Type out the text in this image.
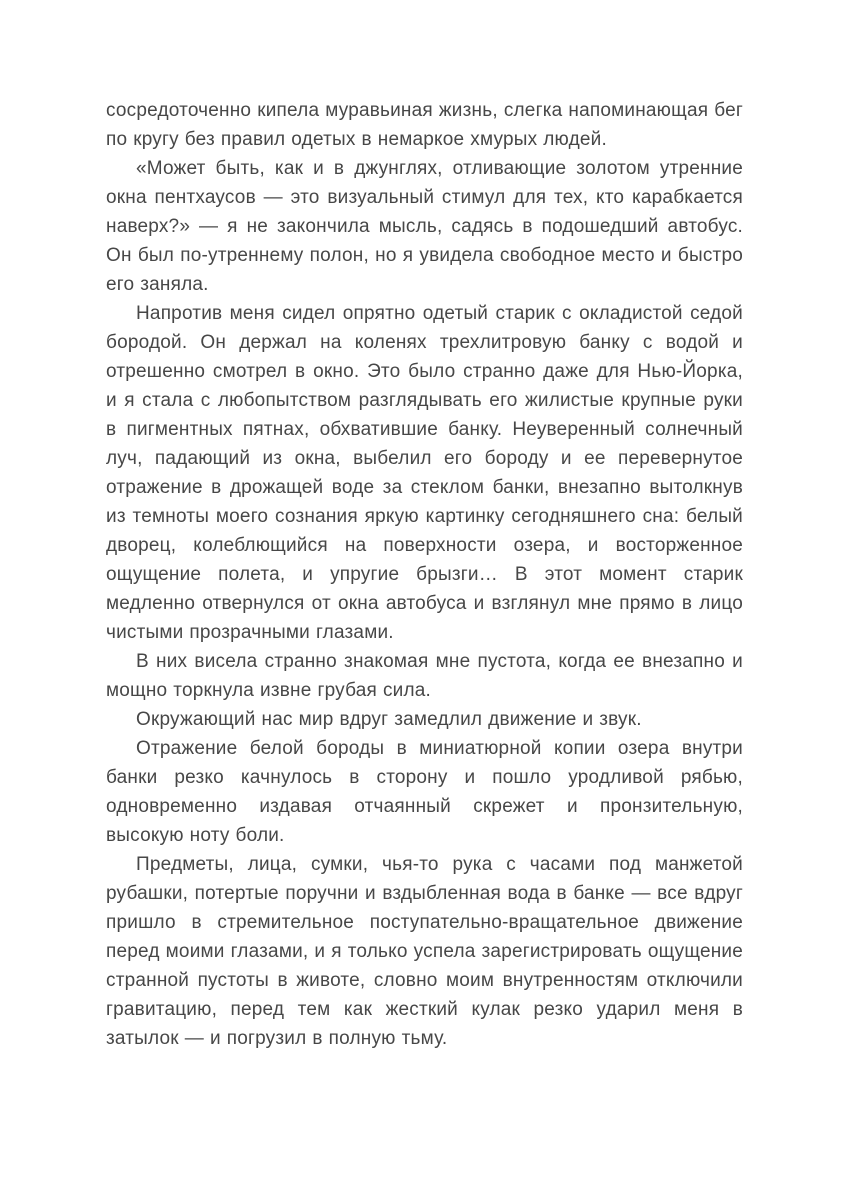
сосредоточенно кипела муравьиная жизнь, слегка напоминающая бег по кругу без правил одетых в немаркое хмурых людей.

«Может быть, как и в джунглях, отливающие золотом утренние окна пентхаусов — это визуальный стимул для тех, кто карабкается наверх?» — я не закончила мысль, садясь в подошедший автобус. Он был по-утреннему полон, но я увидела свободное место и быстро его заняла.

Напротив меня сидел опрятно одетый старик с окладистой седой бородой. Он держал на коленях трехлитровую банку с водой и отрешенно смотрел в окно. Это было странно даже для Нью-Йорка, и я стала с любопытством разглядывать его жилистые крупные руки в пигментных пятнах, обхватившие банку. Неуверенный солнечный луч, падающий из окна, выбелил его бороду и ее перевернутое отражение в дрожащей воде за стеклом банки, внезапно вытолкнув из темноты моего сознания яркую картинку сегодняшнего сна: белый дворец, колеблющийся на поверхности озера, и восторженное ощущение полета, и упругие брызги… В этот момент старик медленно отвернулся от окна автобуса и взглянул мне прямо в лицо чистыми прозрачными глазами.

В них висела странно знакомая мне пустота, когда ее внезапно и мощно торкнула извне грубая сила.

Окружающий нас мир вдруг замедлил движение и звук.

Отражение белой бороды в миниатюрной копии озера внутри банки резко качнулось в сторону и пошло уродливой рябью, одновременно издавая отчаянный скрежет и пронзительную, высокую ноту боли.

Предметы, лица, сумки, чья-то рука с часами под манжетой рубашки, потертые поручни и вздыбленная вода в банке — все вдруг пришло в стремительное поступательно-вращательное движение перед моими глазами, и я только успела зарегистрировать ощущение странной пустоты в животе, словно моим внутренностям отключили гравитацию, перед тем как жесткий кулак резко ударил меня в затылок — и погрузил в полную тьму.
